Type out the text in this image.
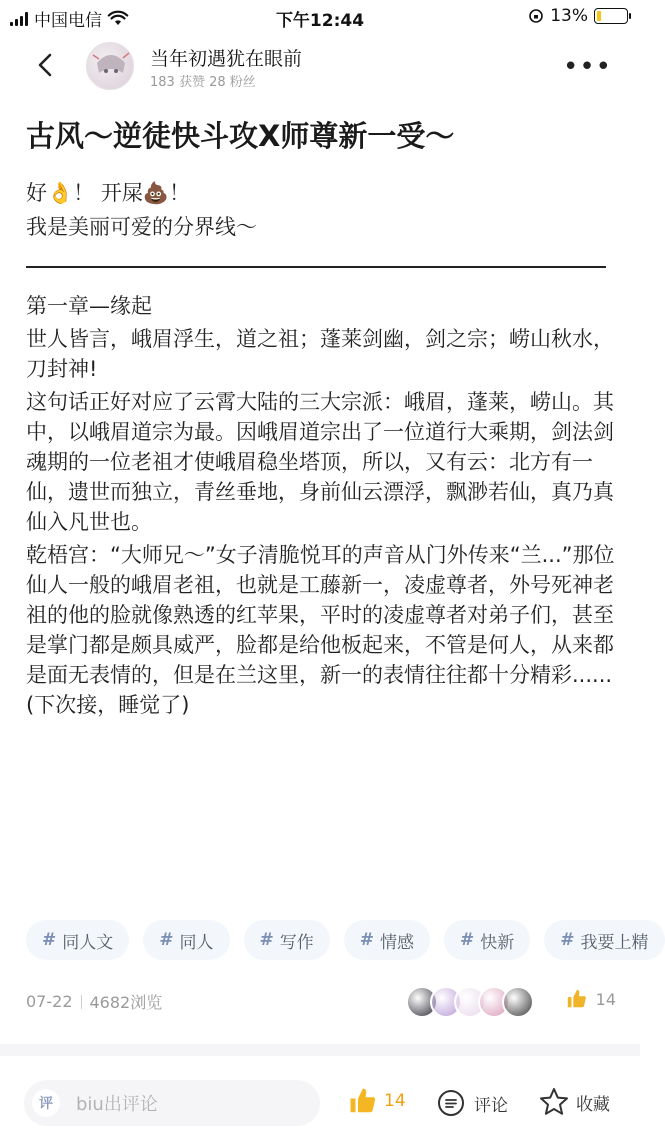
中国电信	下午12:44	13%
当年初遇犹在眼前
183 获赞 28 粉丝
•••
古风～逆徒快斗攻X师尊新一受～
好👌！ 开屎💩！
我是美丽可爱的分界线～

第一章—缘起

世人皆言，峨眉浮生，道之祖；蓬莱剑幽，剑之宗；崂山秋水，刀封神!

这句话正好对应了云霄大陆的三大宗派：峨眉，蓬莱，崂山。其中，以峨眉道宗为最。因峨眉道宗出了一位道行大乘期，剑法剑魂期的一位老祖才使峨眉稳坐塔顶，所以，又有云：北方有一仙，遗世而独立，青丝垂地，身前仙云漂浮，飘渺若仙，真乃真仙入凡世也。

乾梧宫：“大师兄～”女子清脆悦耳的声音从门外传来“兰...”那位仙人一般的峨眉老祖，也就是工藤新一，凌虚尊者，外号死神老祖的他的脸就像熟透的红苹果，平时的凌虚尊者对弟子们，甚至是掌门都是颇具威严，脸都是给他板起来，不管是何人，从来都是面无表情的，但是在兰这里，新一的表情往往都十分精彩......(下次接，睡觉了)

# 同人文	# 同人	# 写作	# 情感	# 快新	# 我要上精
07-22 4682浏览	14
评	biu出评论	14	评论	收藏
